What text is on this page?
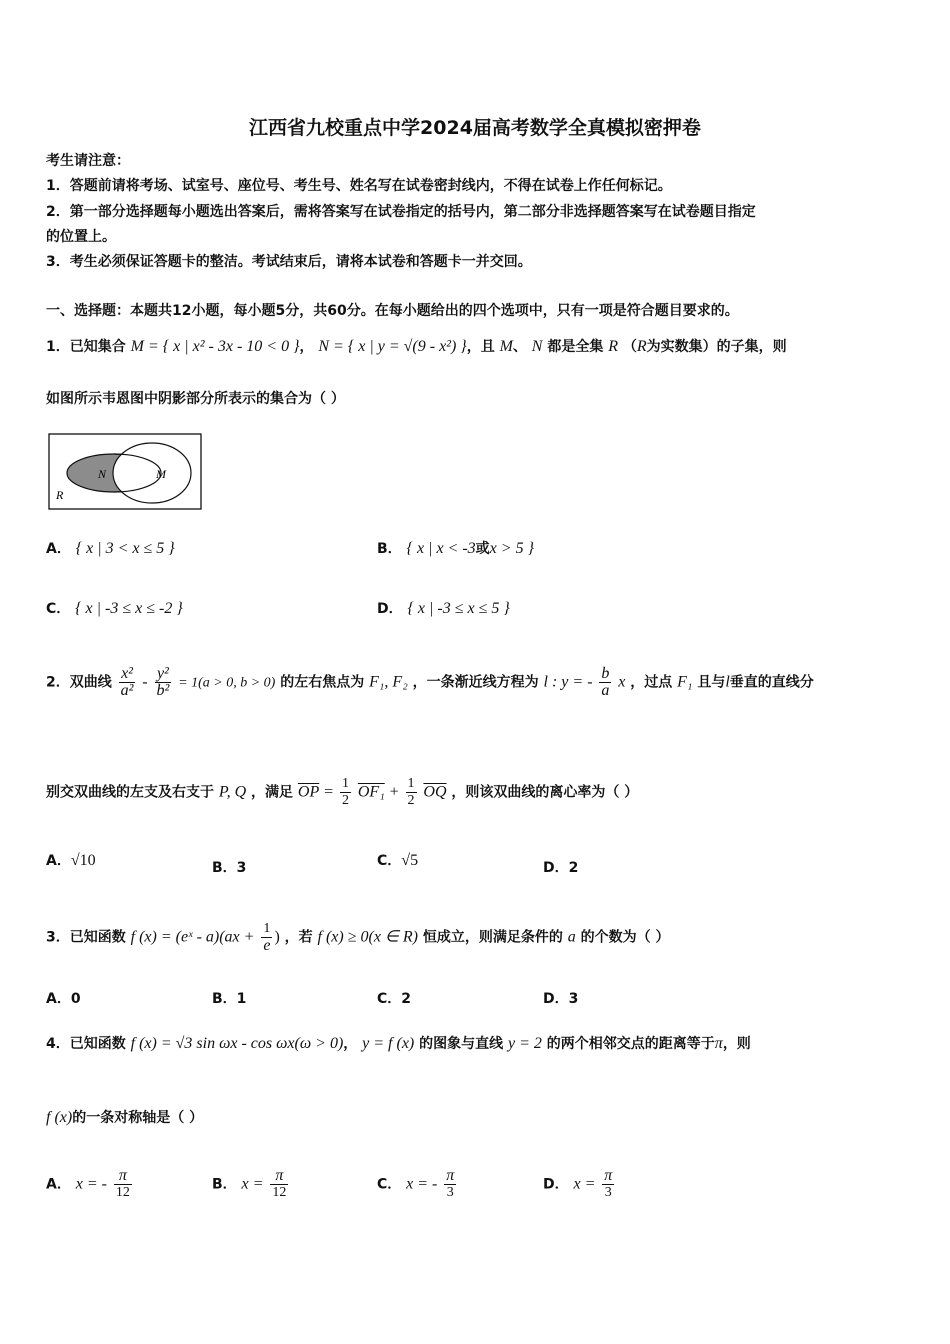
江西省九校重点中学2024届高考数学全真模拟密押卷
考生请注意：
1．答题前请将考场、试室号、座位号、考生号、姓名写在试卷密封线内，不得在试卷上作任何标记。
2．第一部分选择题每小题选出答案后，需将答案写在试卷指定的括号内，第二部分非选择题答案写在试卷题目指定
的位置上。
3．考生必须保证答题卡的整洁。考试结束后，请将本试卷和答题卡一并交回。
一、选择题：本题共12小题，每小题5分，共60分。在每小题给出的四个选项中，只有一项是符合题目要求的。
1．已知集合 M = { x | x² - 3x - 10 < 0 }， N = { x | y = √(9 - x²) }，且 M、 N 都是全集 R （R为实数集）的子集，则
如图所示韦恩图中阴影部分所表示的集合为（ ）
N	M
R
A． { x | 3 < x ≤ 5 }	B． { x | x < -3或x > 5 }
C． { x | -3 ≤ x ≤ -2 }	D． { x | -3 ≤ x ≤ 5 }
2．双曲线 $\frac{\text{x²}}{\text{a²}} - \frac{\text{y²}}{\text{b²}} = 1(a > 0$, b > 0) 的左右焦点为 F₁, F₂ ，一条渐近线方程为 l : y = - $\frac{b}{a}$ x ，过点 F₁ 且与l垂直的直线分
别交双曲线的左支及右支于 P, Q ，满足 $\overline{OP} = \frac{1}{2} OF_1 + \frac{1}{2} \overline{OQ}$ ，则该双曲线的离心率为（ ）
A．√10	B．3	C．√5	D．2
3．已知函数 f (x) = (eˣ - $a)(ax + \frac{1}{e}$ ) ，若 f (x) ≥ 0(x ∈ R) 恒成立，则满足条件的 a 的个数为（ ）
A．0	B．1	C．2	D．3
4．已知函数 f (x) = √3 sin ωx - cos ωx(ω > 0)， y = f (x) 的图象与直线 y = 2 的两个相邻交点的距离等于π，则
f (x)的一条对称轴是（ ）
A． x = - $\frac{\pi}{12}$	B． $x = \frac{\pi}{12}$	C． x = - $\frac{\pi}{3}$	D． $x = \frac{\pi}{3}$
